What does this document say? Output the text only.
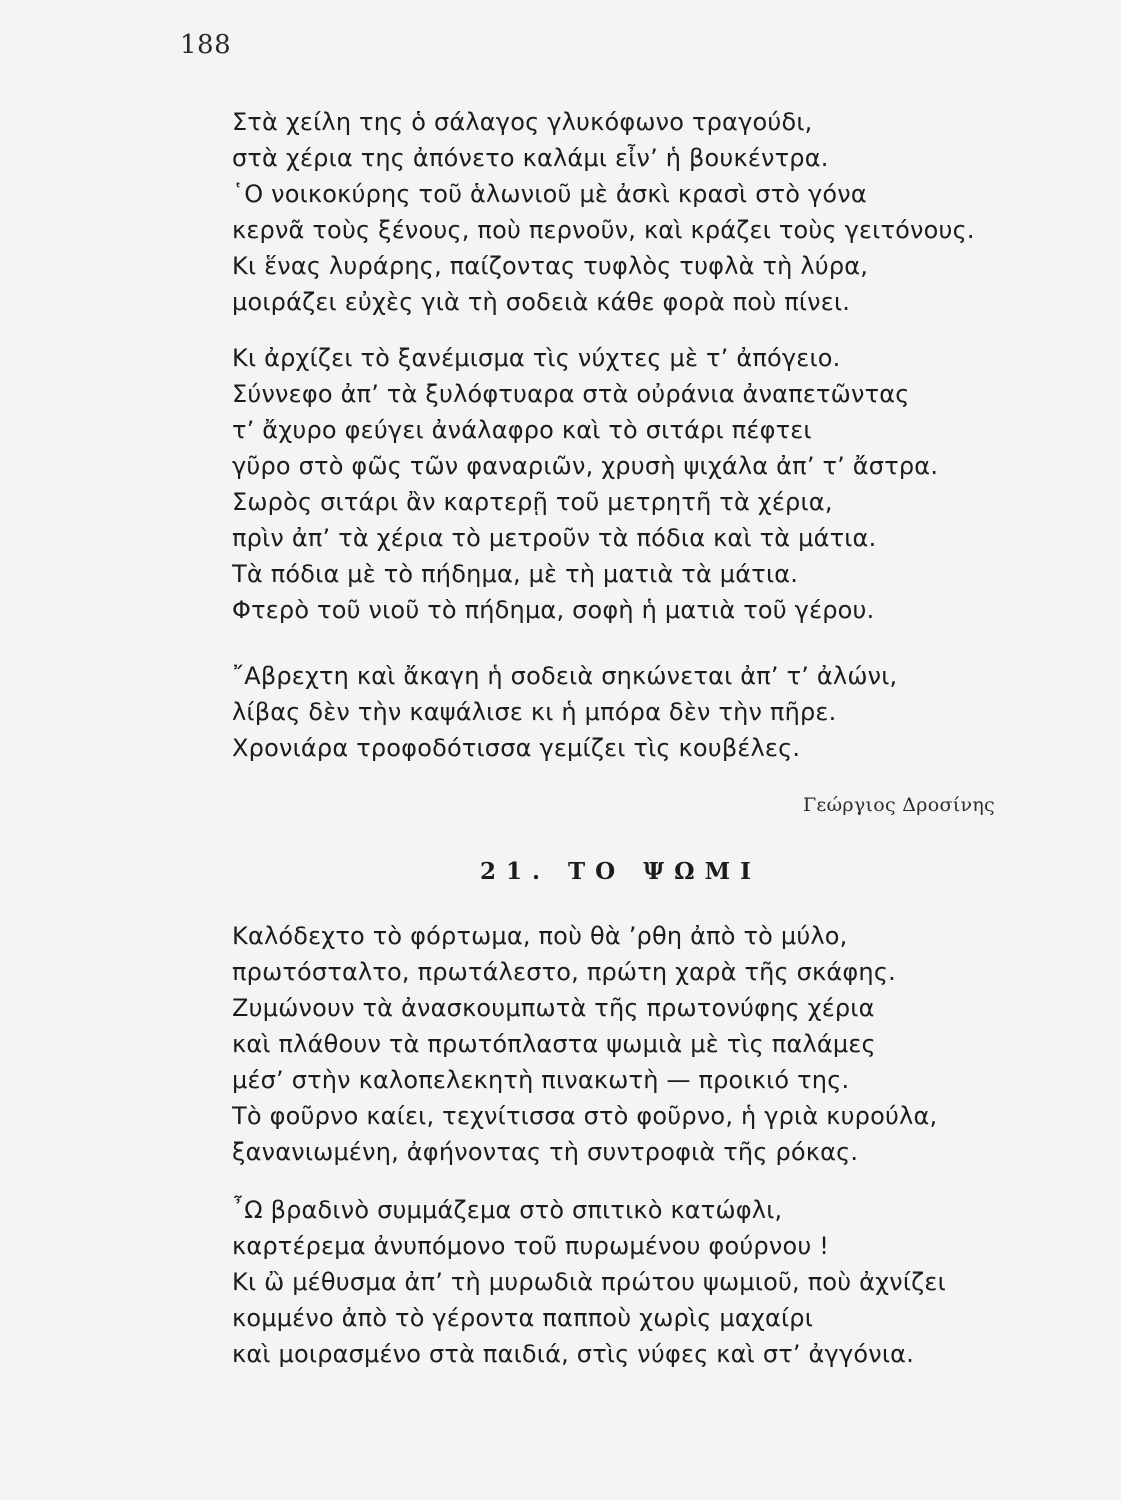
188
Στὰ χείλη της ὁ σάλαγος γλυκόφωνο τραγούδι,
στὰ χέρια της ἀπόνετο καλάμι εἶν’ ἡ βουκέντρα.
῾Ο νοικοκύρης τοῦ ἁλωνιοῦ μὲ ἀσκὶ κρασὶ στὸ γόνα
κερνᾶ τοὺς ξένους, ποὺ περνοῦν, καὶ κράζει τοὺς γειτόνους.
Κι ἕνας λυράρης, παίζοντας τυφλὸς τυφλὰ τὴ λύρα,
μοιράζει εὐχὲς γιὰ τὴ σοδειὰ κάθε φορὰ ποὺ πίνει.
Κι ἀρχίζει τὸ ξανέμισμα τὶς νύχτες μὲ τ’ ἀπόγειο.
Σύννεφο ἀπ’ τὰ ξυλόφτυαρα στὰ οὐράνια ἀναπετῶντας
τ’ ἄχυρο φεύγει ἀνάλαφρο καὶ τὸ σιτάρι πέφτει
γῦρο στὸ φῶς τῶν φαναριῶν, χρυσὴ ψιχάλα ἀπ’ τ’ ἄστρα.
Σωρὸς σιτάρι ἂν καρτερῇ τοῦ μετρητῆ τὰ χέρια,
πρὶν ἀπ’ τὰ χέρια τὸ μετροῦν τὰ πόδια καὶ τὰ μάτια.
Τὰ πόδια μὲ τὸ πήδημα, μὲ τὴ ματιὰ τὰ μάτια.
Φτερὸ τοῦ νιοῦ τὸ πήδημα, σοφὴ ἡ ματιὰ τοῦ γέρου.
῎Αβρεχτη καὶ ἄκαγη ἡ σοδειὰ σηκώνεται ἀπ’ τ’ ἀλώνι,
λίβας δὲν τὴν καψάλισε κι ἡ μπόρα δὲν τὴν πῆρε.
Χρονιάρα τροφοδότισσα γεμίζει τὶς κουβέλες.
Γεώργιος Δροσίνης
21. ΤΟ ΨΩΜΙ
Καλόδεχτο τὸ φόρτωμα, ποὺ θὰ ’ρθη ἀπὸ τὸ μύλο,
πρωτόσταλτο, πρωτάλεστο, πρώτη χαρὰ τῆς σκάφης.
Ζυμώνουν τὰ ἀνασκουμπωτὰ τῆς πρωτονύφης χέρια
καὶ πλάθουν τὰ πρωτόπλαστα ψωμιὰ μὲ τὶς παλάμες
μέσ’ στὴν καλοπελεκητὴ πινακωτὴ — προικιό της.
Τὸ φοῦρνο καίει, τεχνίτισσα στὸ φοῦρνο, ἡ γριὰ κυρούλα,
ξανανιωμένη, ἀφήνοντας τὴ συντροφιὰ τῆς ρόκας.
῏Ω βραδινὸ συμμάζεμα στὸ σπιτικὸ κατώφλι,
καρτέρεμα ἀνυπόμονο τοῦ πυρωμένου φούρνου !
Κι ὢ μέθυσμα ἀπ’ τὴ μυρωδιὰ πρώτου ψωμιοῦ, ποὺ ἀχνίζει
κομμένο ἀπὸ τὸ γέροντα παπποὺ χωρὶς μαχαίρι
καὶ μοιρασμένο στὰ παιδιά, στὶς νύφες καὶ στ’ ἀγγόνια.
